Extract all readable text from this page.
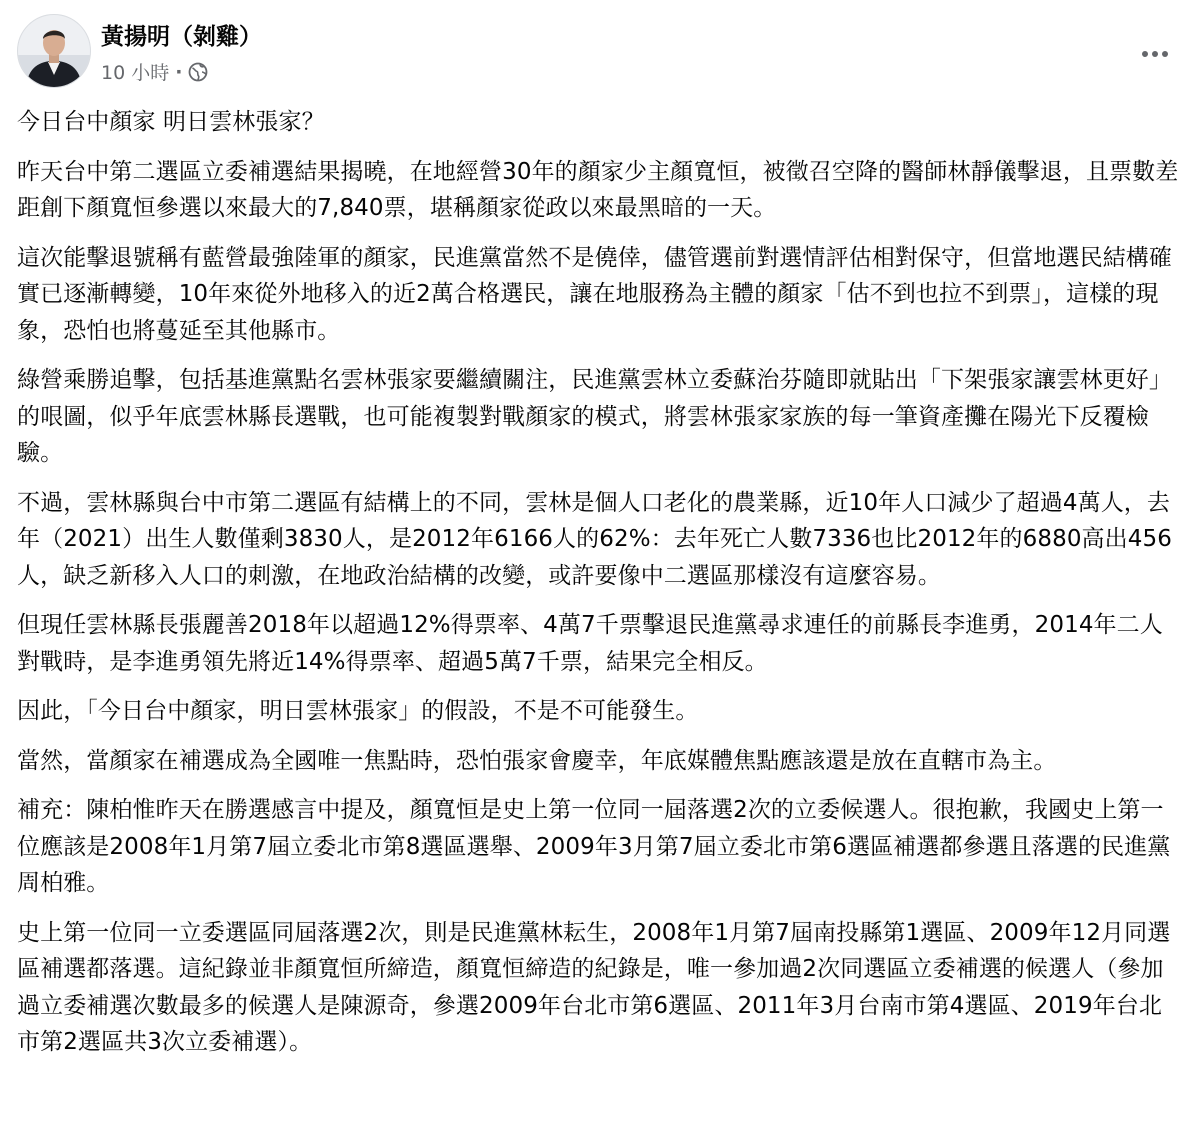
黃揚明（剝雞）
10 小時 ·

今日台中顏家 明日雲林張家？

昨天台中第二選區立委補選結果揭曉，在地經營30年的顏家少主顏寬恒，被徵召空降的醫師林靜儀擊退，且票數差距創下顏寬恒參選以來最大的7,840票，堪稱顏家從政以來最黑暗的一天。

這次能擊退號稱有藍營最強陸軍的顏家，民進黨當然不是僥倖，儘管選前對選情評估相對保守，但當地選民結構確實已逐漸轉變，10年來從外地移入的近2萬合格選民，讓在地服務為主體的顏家「估不到也拉不到票」，這樣的現象，恐怕也將蔓延至其他縣市。

綠營乘勝追擊，包括基進黨點名雲林張家要繼續關注，民進黨雲林立委蘇治芬隨即就貼出「下架張家讓雲林更好」的哏圖，似乎年底雲林縣長選戰，也可能複製對戰顏家的模式，將雲林張家家族的每一筆資產攤在陽光下反覆檢驗。

不過，雲林縣與台中市第二選區有結構上的不同，雲林是個人口老化的農業縣，近10年人口減少了超過4萬人，去年（2021）出生人數僅剩3830人，是2012年6166人的62%：去年死亡人數7336也比2012年的6880高出456人，缺乏新移入人口的刺激，在地政治結構的改變，或許要像中二選區那樣沒有這麼容易。

但現任雲林縣長張麗善2018年以超過12%得票率、4萬7千票擊退民進黨尋求連任的前縣長李進勇，2014年二人對戰時，是李進勇領先將近14%得票率、超過5萬7千票，結果完全相反。

因此，「今日台中顏家，明日雲林張家」的假設，不是不可能發生。

當然，當顏家在補選成為全國唯一焦點時，恐怕張家會慶幸，年底媒體焦點應該還是放在直轄市為主。

補充：陳柏惟昨天在勝選感言中提及，顏寬恒是史上第一位同一屆落選2次的立委候選人。很抱歉，我國史上第一位應該是2008年1月第7屆立委北市第8選區選舉、2009年3月第7屆立委北市第6選區補選都參選且落選的民進黨周柏雅。

史上第一位同一立委選區同屆落選2次，則是民進黨林耘生，2008年1月第7屆南投縣第1選區、2009年12月同選區補選都落選。這紀錄並非顏寬恒所締造，顏寬恒締造的紀錄是，唯一參加過2次同選區立委補選的候選人（參加過立委補選次數最多的候選人是陳源奇，參選2009年台北市第6選區、2011年3月台南市第4選區、2019年台北市第2選區共3次立委補選）。
